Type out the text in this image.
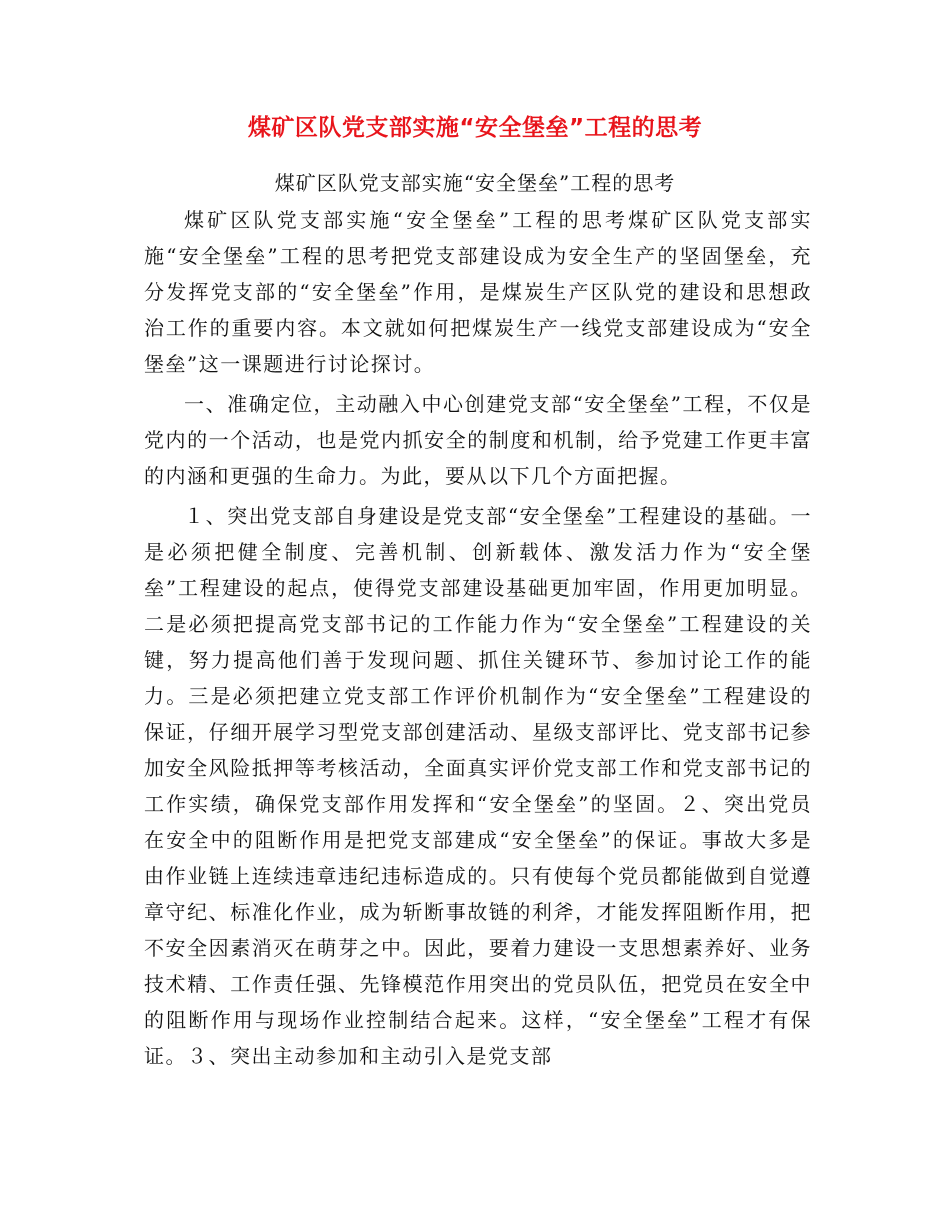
煤矿区队党支部实施“安全堡垒”工程的思考
煤矿区队党支部实施“安全堡垒”工程的思考

煤矿区队党支部实施“安全堡垒”工程的思考煤矿区队党支部实施“安全堡垒”工程的思考把党支部建设成为安全生产的坚固堡垒，充分发挥党支部的“安全堡垒”作用，是煤炭生产区队党的建设和思想政治工作的重要内容。本文就如何把煤炭生产一线党支部建设成为“安全堡垒”这一课题进行讨论探讨。

一、准确定位，主动融入中心创建党支部“安全堡垒”工程，不仅是党内的一个活动，也是党内抓安全的制度和机制，给予党建工作更丰富的内涵和更强的生命力。为此，要从以下几个方面把握。

１、突出党支部自身建设是党支部“安全堡垒”工程建设的基础。一是必须把健全制度、完善机制、创新载体、激发活力作为“安全堡垒”工程建设的起点，使得党支部建设基础更加牢固，作用更加明显。二是必须把提高党支部书记的工作能力作为“安全堡垒”工程建设的关键，努力提高他们善于发现问题、抓住关键环节、参加讨论工作的能力。三是必须把建立党支部工作评价机制作为“安全堡垒”工程建设的保证，仔细开展学习型党支部创建活动、星级支部评比、党支部书记参加安全风险抵押等考核活动，全面真实评价党支部工作和党支部书记的工作实绩，确保党支部作用发挥和“安全堡垒”的坚固。２、突出党员在安全中的阻断作用是把党支部建成“安全堡垒”的保证。事故大多是由作业链上连续违章违纪违标造成的。只有使每个党员都能做到自觉遵章守纪、标准化作业，成为斩断事故链的利斧，才能发挥阻断作用，把不安全因素消灭在萌芽之中。因此，要着力建设一支思想素养好、业务技术精、工作责任强、先锋模范作用突出的党员队伍，把党员在安全中的阻断作用与现场作业控制结合起来。这样，“安全堡垒”工程才有保证。３、突出主动参加和主动引入是党支部
